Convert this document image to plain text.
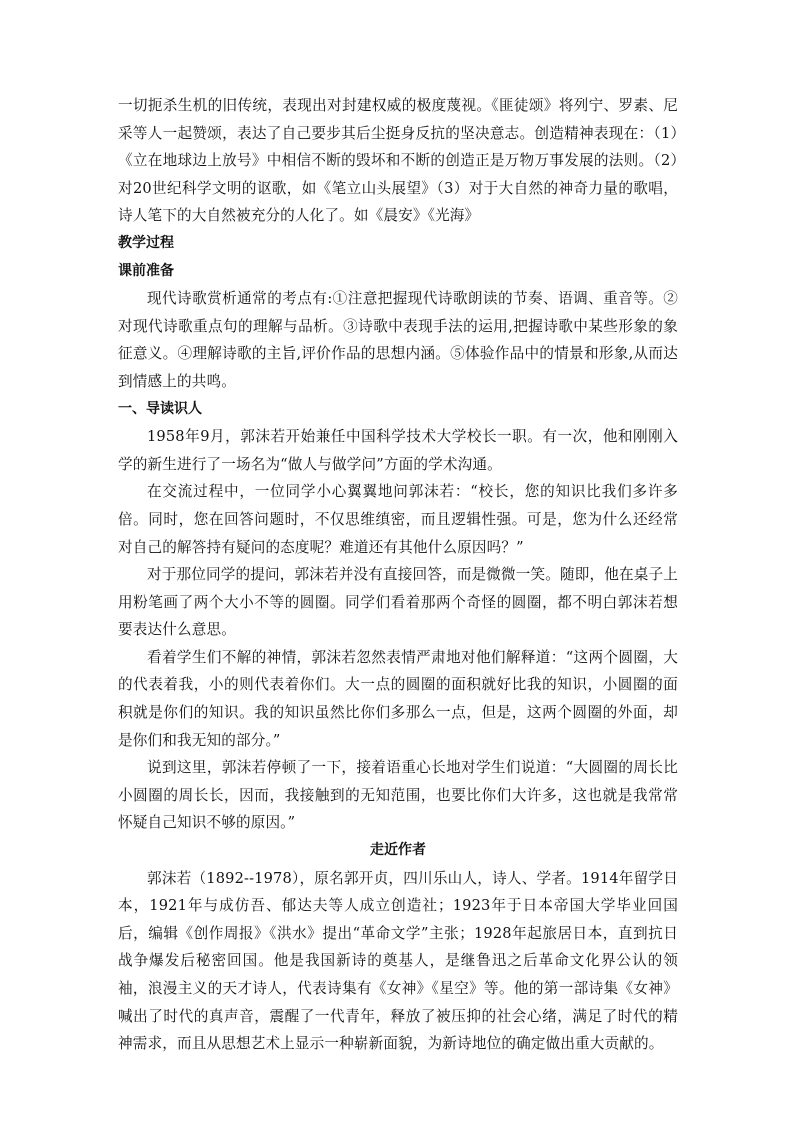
一切扼杀生机的旧传统，表现出对封建权威的极度蔑视。《匪徒颂》将列宁、罗素、尼采等人一起赞颂，表达了自己要步其后尘挺身反抗的坚决意志。创造精神表现在：（1）《立在地球边上放号》中相信不断的毁坏和不断的创造正是万物万事发展的法则。（2）对20世纪科学文明的讴歌，如《笔立山头展望》（3）对于大自然的神奇力量的歌唱，诗人笔下的大自然被充分的人化了。如《晨安》《光海》

教学过程

课前准备

现代诗歌赏析通常的考点有:①注意把握现代诗歌朗读的节奏、语调、重音等。②对现代诗歌重点句的理解与品析。③诗歌中表现手法的运用,把握诗歌中某些形象的象征意义。④理解诗歌的主旨,评价作品的思想内涵。⑤体验作品中的情景和形象,从而达到情感上的共鸣。

一、导读识人

1958年9月，郭沫若开始兼任中国科学技术大学校长一职。有一次，他和刚刚入学的新生进行了一场名为“做人与做学问”方面的学术沟通。

在交流过程中，一位同学小心翼翼地问郭沫若：“校长，您的知识比我们多许多倍。同时，您在回答问题时，不仅思维缜密，而且逻辑性强。可是，您为什么还经常对自己的解答持有疑问的态度呢？难道还有其他什么原因吗？”

对于那位同学的提问，郭沫若并没有直接回答，而是微微一笑。随即，他在桌子上用粉笔画了两个大小不等的圆圈。同学们看着那两个奇怪的圆圈，都不明白郭沫若想要表达什么意思。

看着学生们不解的神情，郭沫若忽然表情严肃地对他们解释道：“这两个圆圈，大的代表着我，小的则代表着你们。大一点的圆圈的面积就好比我的知识，小圆圈的面积就是你们的知识。我的知识虽然比你们多那么一点，但是，这两个圆圈的外面，却是你们和我无知的部分。”

说到这里，郭沫若停顿了一下，接着语重心长地对学生们说道：“大圆圈的周长比小圆圈的周长长，因而，我接触到的无知范围，也要比你们大许多，这也就是我常常怀疑自己知识不够的原因。”

走近作者

郭沫若（1892--1978），原名郭开贞，四川乐山人，诗人、学者。1914年留学日本，1921年与成仿吾、郁达夫等人成立创造社；1923年于日本帝国大学毕业回国后，编辑《创作周报》《洪水》提出“革命文学”主张；1928年起旅居日本，直到抗日战争爆发后秘密回国。他是我国新诗的奠基人，是继鲁迅之后革命文化界公认的领袖，浪漫主义的天才诗人，代表诗集有《女神》《星空》等。他的第一部诗集《女神》喊出了时代的真声音，震醒了一代青年，释放了被压抑的社会心绪，满足了时代的精神需求，而且从思想艺术上显示一种崭新面貌，为新诗地位的确定做出重大贡献的。
